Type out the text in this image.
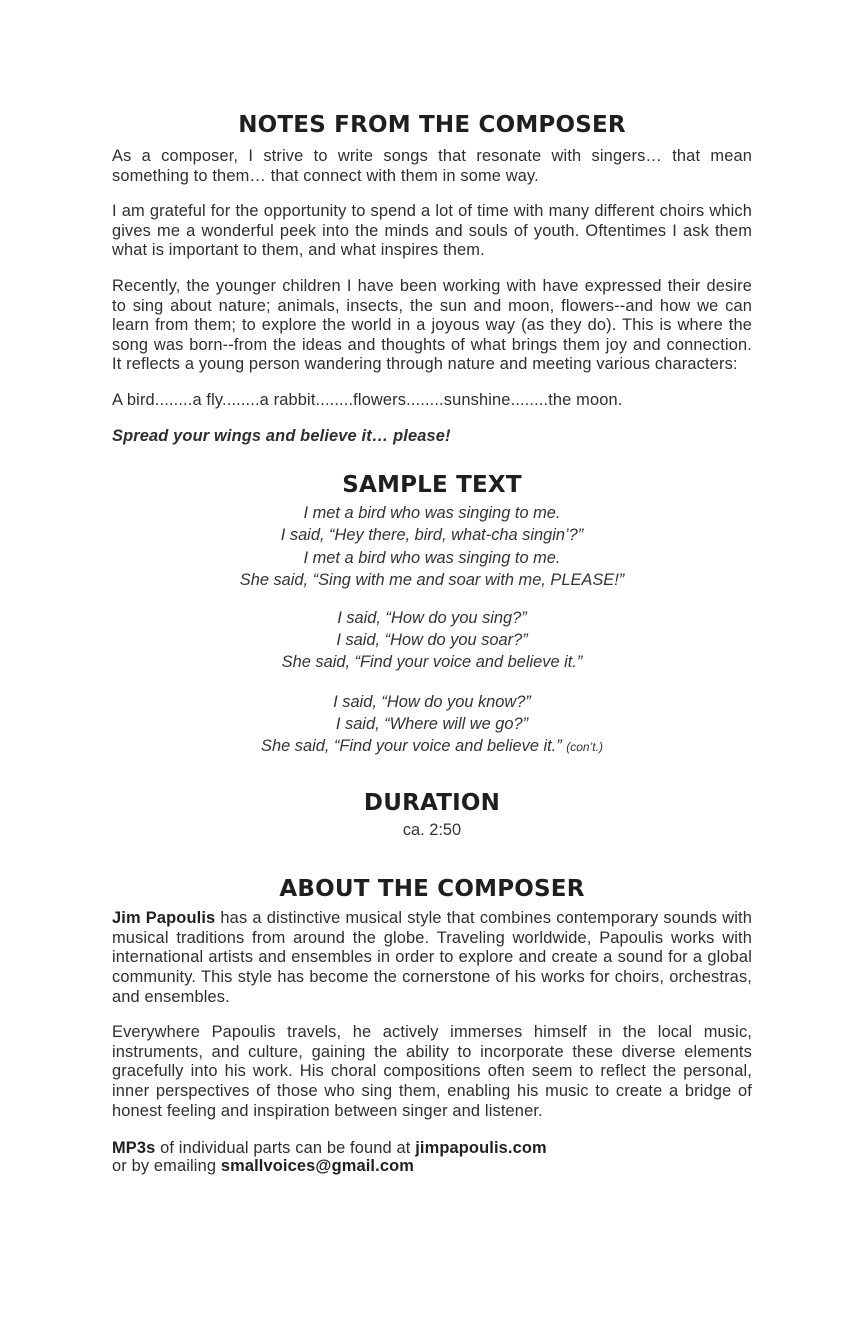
NOTES FROM THE COMPOSER

As a composer, I strive to write songs that resonate with singers… that mean something to them… that connect with them in some way.

I am grateful for the opportunity to spend a lot of time with many different choirs which gives me a wonderful peek into the minds and souls of youth. Oftentimes I ask them what is important to them, and what inspires them.

Recently, the younger children I have been working with have expressed their desire to sing about nature; animals, insects, the sun and moon, flowers--and how we can learn from them; to explore the world in a joyous way (as they do). This is where the song was born--from the ideas and thoughts of what brings them joy and connection. It reflects a young person wandering through nature and meeting various characters:

A bird........a fly........a rabbit........flowers........sunshine........the moon.

Spread your wings and believe it… please!

SAMPLE TEXT
I met a bird who was singing to me.
I said, “Hey there, bird, what-cha singin’?”
I met a bird who was singing to me.
She said, “Sing with me and soar with me, PLEASE!”
I said, “How do you sing?”
I said, “How do you soar?”
She said, “Find your voice and believe it.”
I said, “How do you know?”
I said, “Where will we go?”
She said, “Find your voice and believe it.” (con’t.)
DURATION
ca. 2:50
ABOUT THE COMPOSER

Jim Papoulis has a distinctive musical style that combines contemporary sounds with musical traditions from around the globe. Traveling worldwide, Papoulis works with international artists and ensembles in order to explore and create a sound for a global community. This style has become the cornerstone of his works for choirs, orchestras, and ensembles.

Everywhere Papoulis travels, he actively immerses himself in the local music, instruments, and culture, gaining the ability to incorporate these diverse elements gracefully into his work. His choral compositions often seem to reflect the personal, inner perspectives of those who sing them, enabling his music to create a bridge of honest feeling and inspiration between singer and listener.

MP3s of individual parts can be found at jimpapoulis.com

or by emailing smallvoices@gmail.com
